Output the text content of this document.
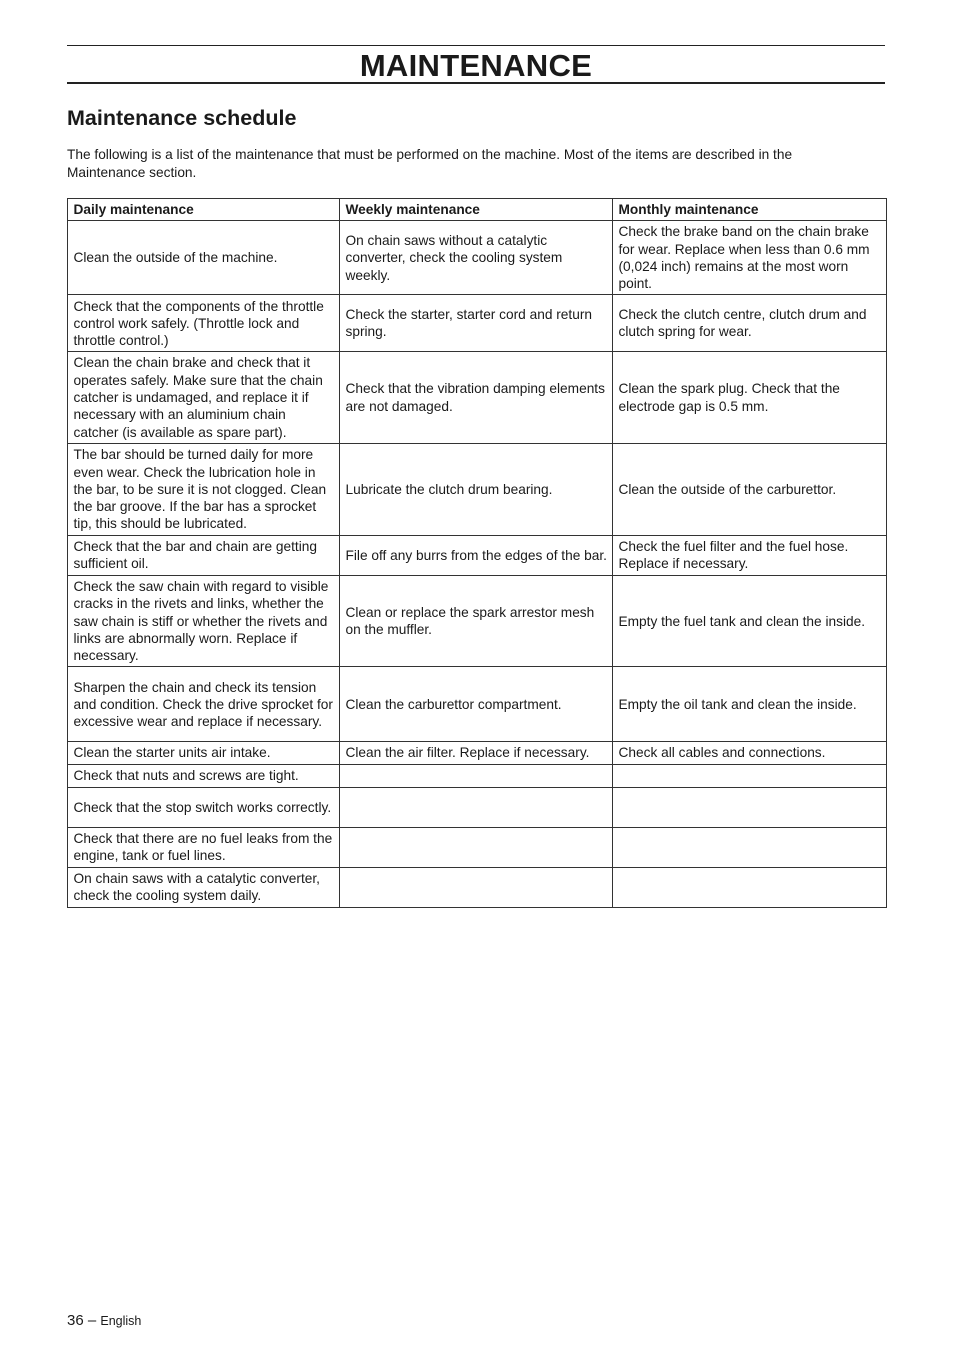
MAINTENANCE
Maintenance schedule

The following is a list of the maintenance that must be performed on the machine. Most of the items are described in the Maintenance section.

Daily maintenance	Weekly maintenance	Monthly maintenance
Clean the outside of the machine.	On chain saws without a catalytic converter, check the cooling system weekly.	Check the brake band on the chain brake for wear. Replace when less than 0.6 mm (0,024 inch) remains at the most worn point.
Check that the components of the throttle control work safely. (Throttle lock and throttle control.)	Check the starter, starter cord and return spring.	Check the clutch centre, clutch drum and clutch spring for wear.
Clean the chain brake and check that it operates safely. Make sure that the chain catcher is undamaged, and replace it if necessary with an aluminium chain catcher (is available as spare part).	Check that the vibration damping elements are not damaged.	Clean the spark plug. Check that the electrode gap is 0.5 mm.
The bar should be turned daily for more even wear. Check the lubrication hole in the bar, to be sure it is not clogged. Clean the bar groove. If the bar has a sprocket tip, this should be lubricated.	Lubricate the clutch drum bearing.	Clean the outside of the carburettor.
Check that the bar and chain are getting sufficient oil.	File off any burrs from the edges of the bar.	Check the fuel filter and the fuel hose. Replace if necessary.
Check the saw chain with regard to visible cracks in the rivets and links, whether the saw chain is stiff or whether the rivets and links are abnormally worn. Replace if necessary.	Clean or replace the spark arrestor mesh on the muffler.	Empty the fuel tank and clean the inside.
Sharpen the chain and check its tension and condition. Check the drive sprocket for excessive wear and replace if necessary.	Clean the carburettor compartment.	Empty the oil tank and clean the inside.
Clean the starter units air intake.	Clean the air filter. Replace if necessary.	Check all cables and connections.
Check that nuts and screws are tight.		
Check that the stop switch works correctly.		
Check that there are no fuel leaks from the engine, tank or fuel lines.		
On chain saws with a catalytic converter, check the cooling system daily.		
36 – English
